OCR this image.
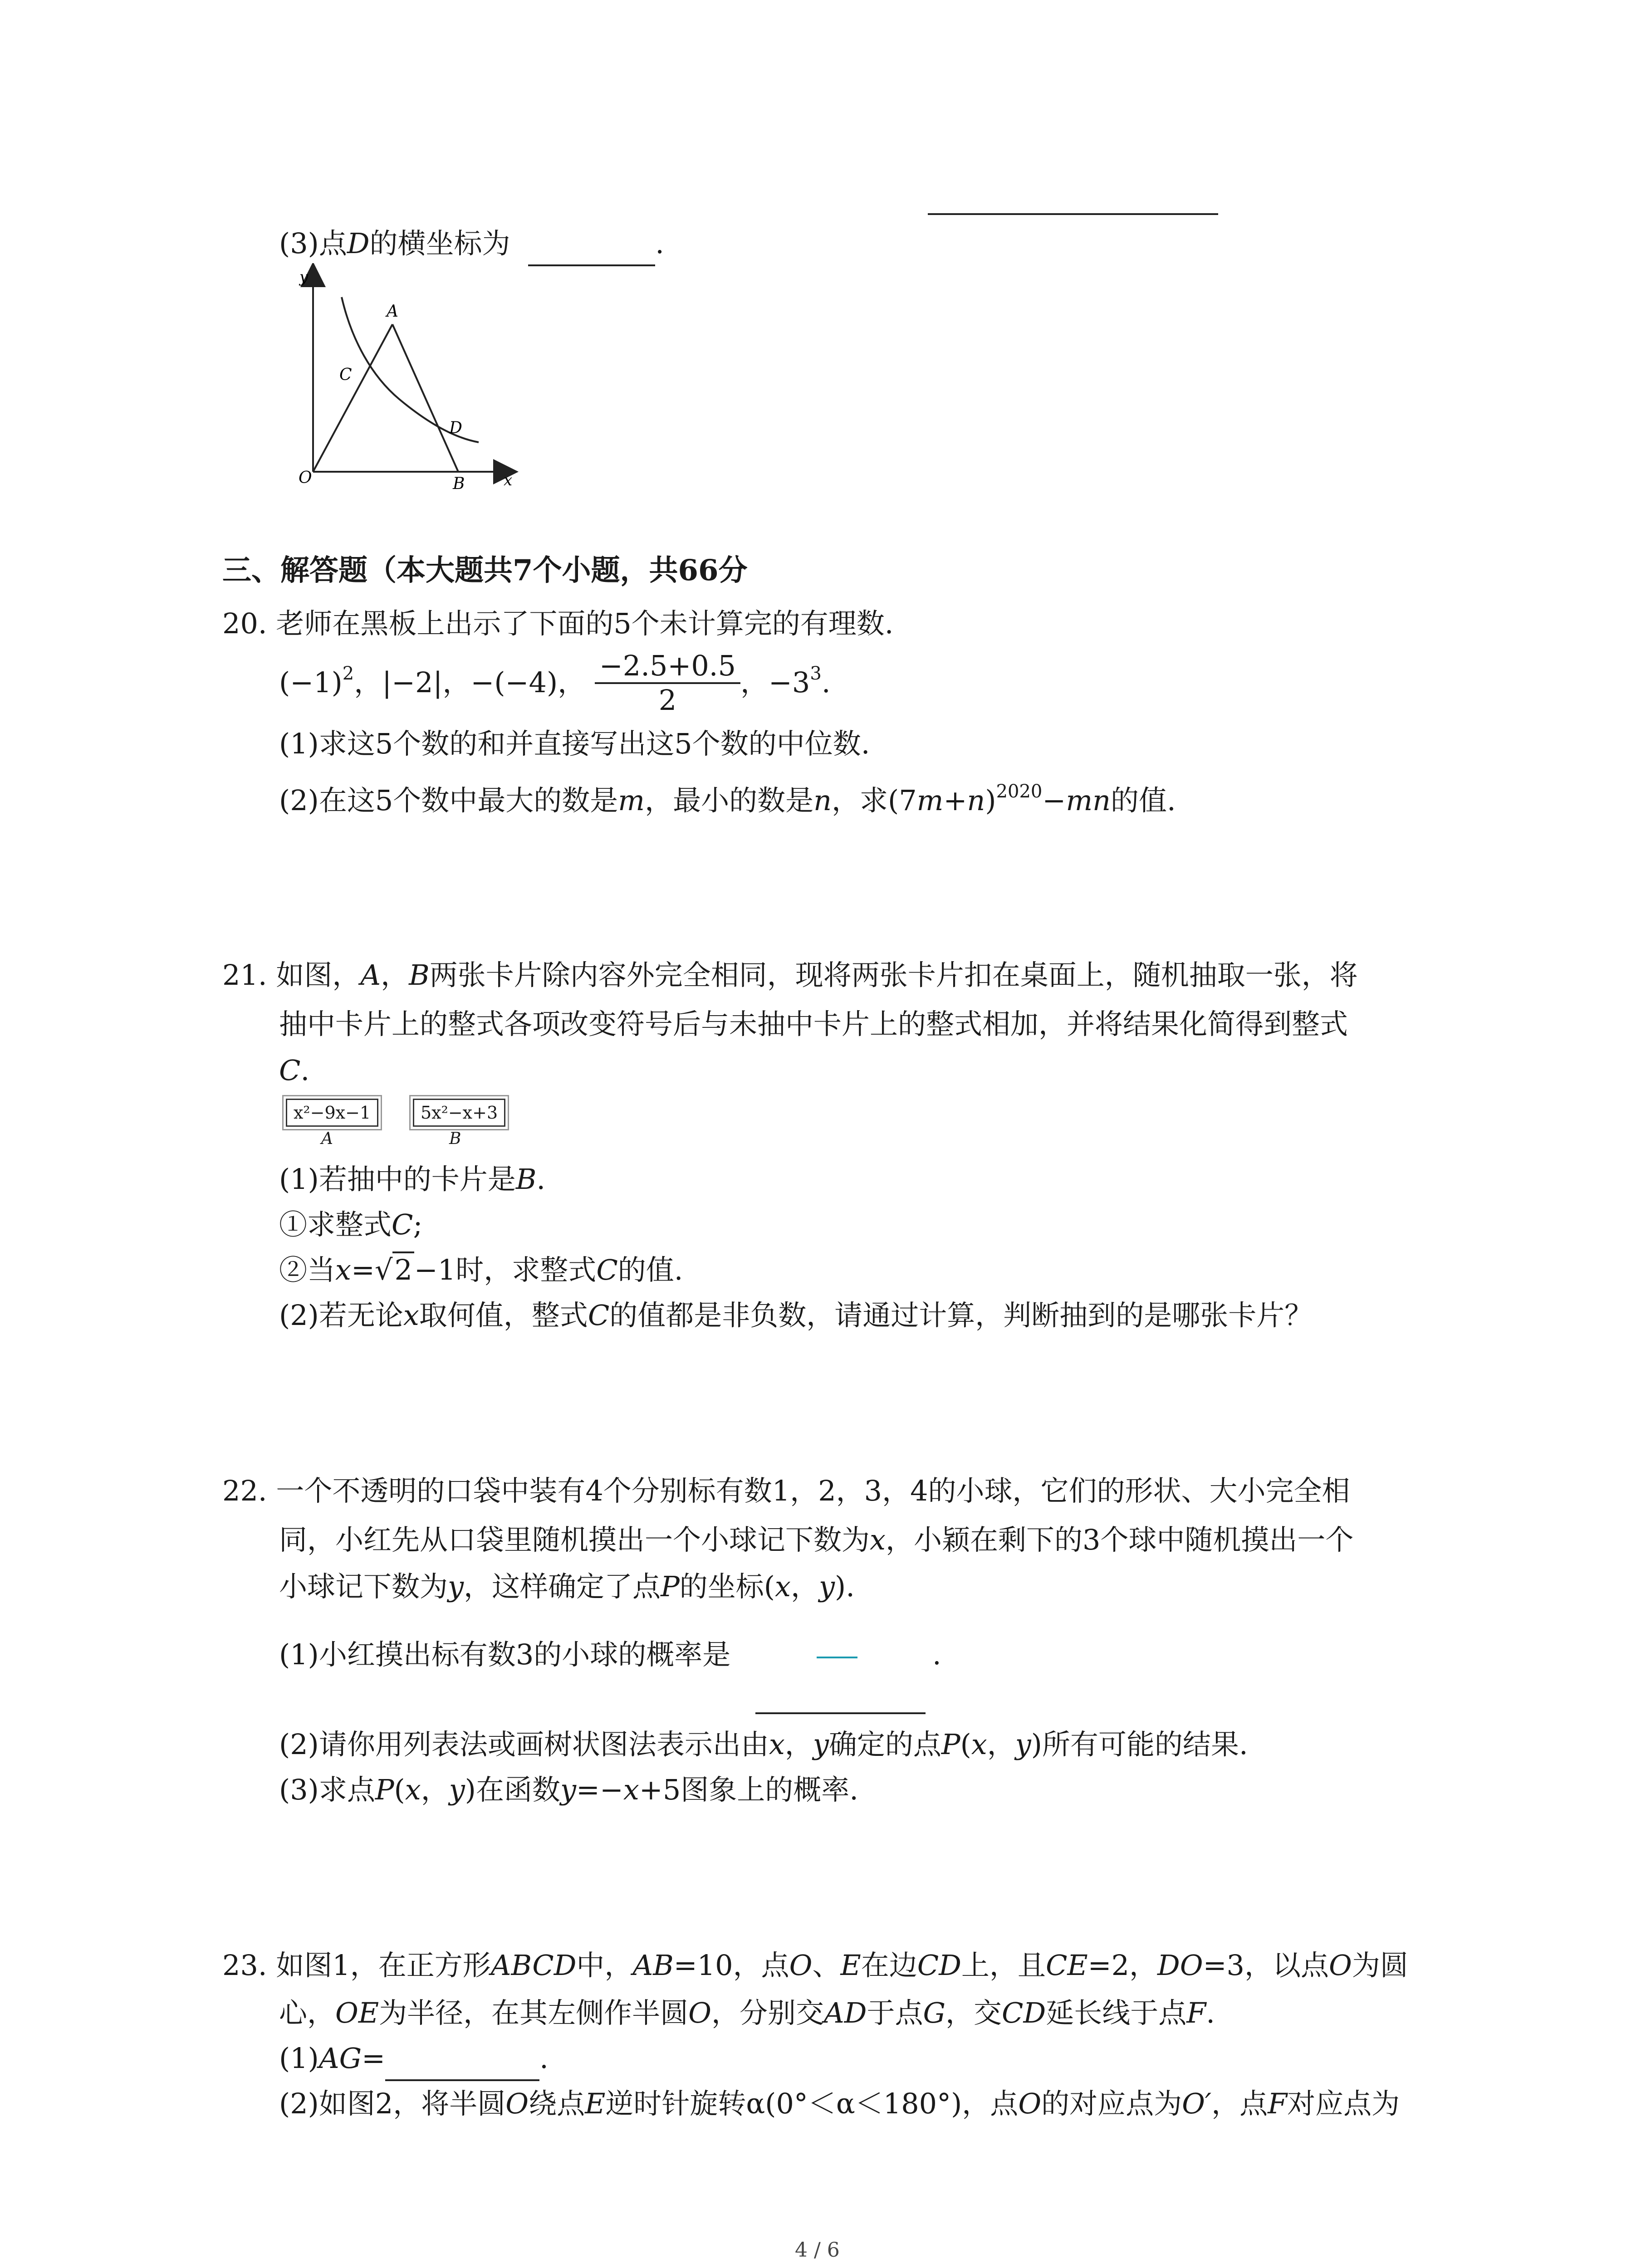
(3)点D的横坐标为	.
y
x
O
A
B
C
D
三、解答题（本大题共7个小题，共66分
20. 老师在黑板上出示了下面的5个未计算完的有理数.
$(-1)^2$，|−2|，−(−4)， $\frac{-2.5+0.5}{2}$ ，$-3^3$.
(1)求这5个数的和并直接写出这5个数的中位数.
(2)在这5个数中最大的数是m，最小的数是n，求$(7m+n)^{2020}-mn$的值.
21. 如图，A，B两张卡片除内容外完全相同，现将两张卡片扣在桌面上，随机抽取一张，将
抽中卡片上的整式各项改变符号后与未抽中卡片上的整式相加，并将结果化简得到整式
C.
x²−9x−1
A
5x²−x+3
B
(1)若抽中的卡片是B.
①求整式C;
②当x=√2−1时，求整式C的值.
(2)若无论x取何值，整式C的值都是非负数，请通过计算，判断抽到的是哪张卡片？
22. 一个不透明的口袋中装有4个分别标有数1，2，3，4的小球，它们的形状、大小完全相
同，小红先从口袋里随机摸出一个小球记下数为x，小颖在剩下的3个球中随机摸出一个
小球记下数为y，这样确定了点P的坐标(x，y).
(1)小红摸出标有数3的小球的概率是	.
(2)请你用列表法或画树状图法表示出由x，y确定的点P(x，y)所有可能的结果.
(3)求点P(x，y)在函数y=−x+5图象上的概率.
23. 如图1，在正方形ABCD中，AB=10，点O、E在边CD上，且CE=2，DO=3，以点O为圆
心，OE为半径，在其左侧作半圆O，分别交AD于点G，交CD延长线于点F.
(1)AG=	.
(2)如图2，将半圆O绕点E逆时针旋转α(0°＜α＜180°)，点O的对应点为O′，点F对应点为
4 / 6
